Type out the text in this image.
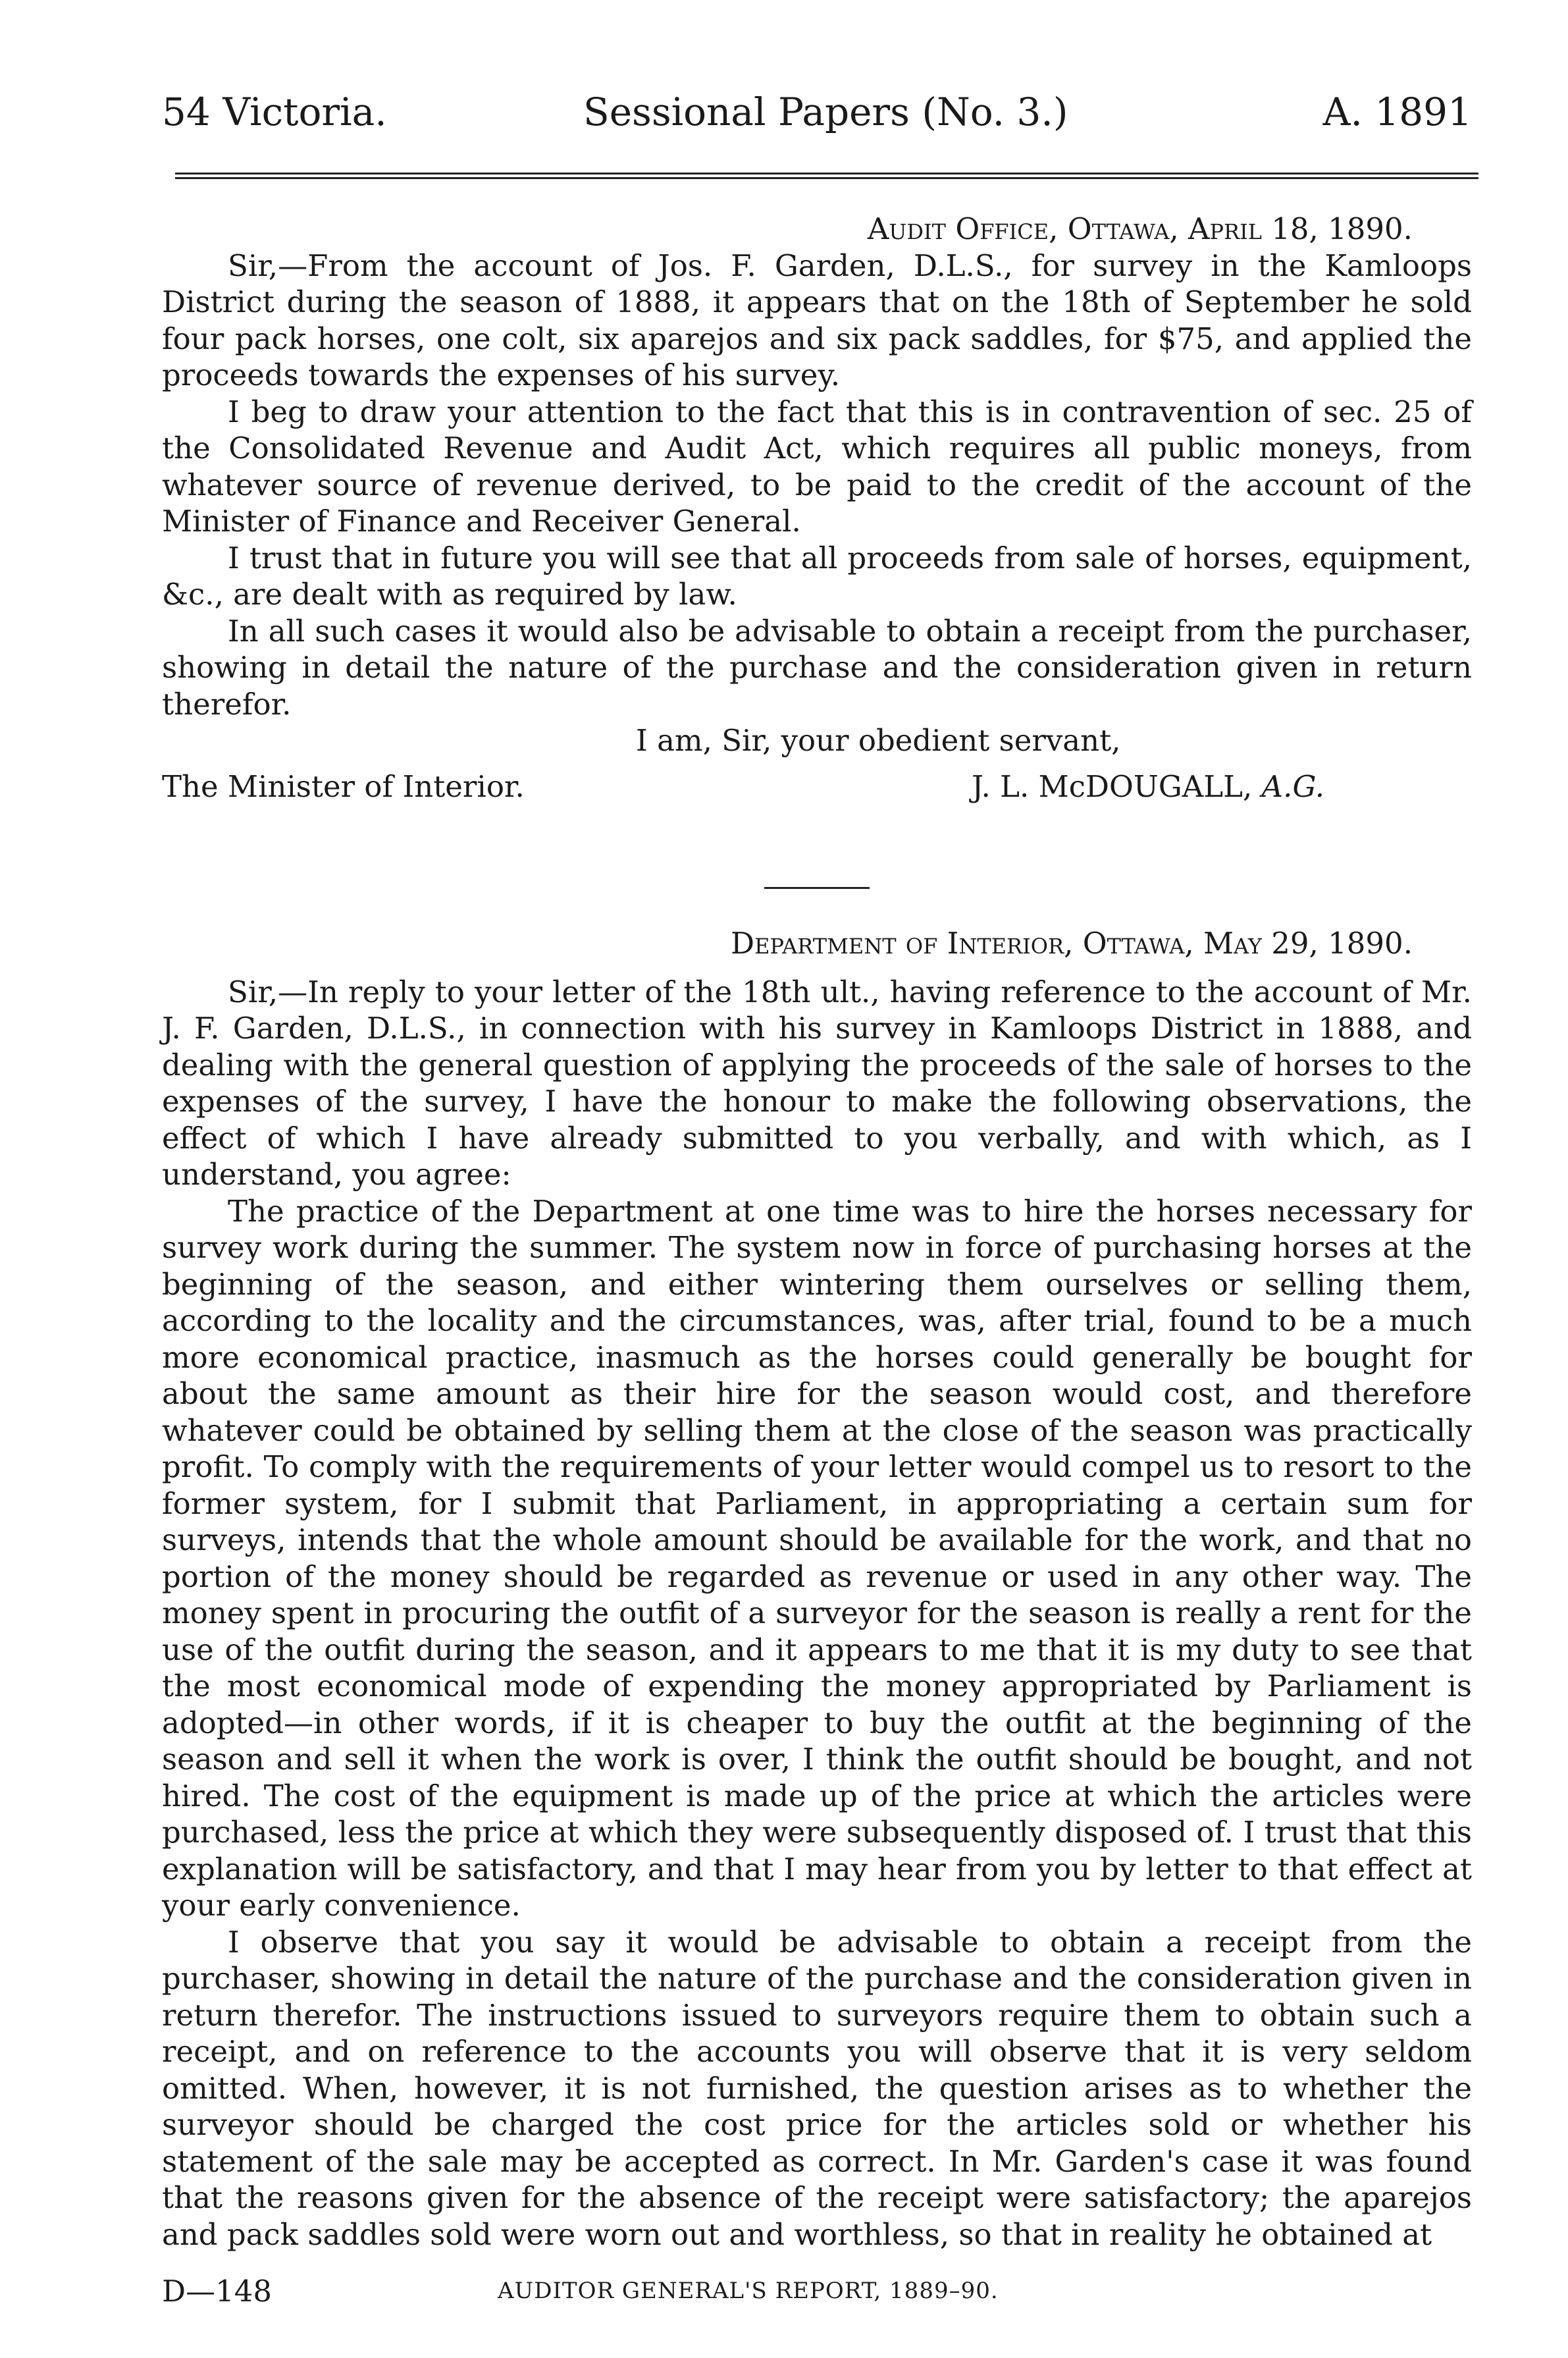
54 Victoria.	Sessional Papers (No. 3.)	A. 1891

Audit Office, Ottawa, April 18, 1890.

Sir,—From the account of Jos. F. Garden, D.L.S., for survey in the Kamloops District during the season of 1888, it appears that on the 18th of September he sold four pack horses, one colt, six aparejos and six pack saddles, for $75, and applied the proceeds towards the expenses of his survey.

I beg to draw your attention to the fact that this is in contravention of sec. 25 of the Consolidated Revenue and Audit Act, which requires all public moneys, from whatever source of revenue derived, to be paid to the credit of the account of the Minister of Finance and Receiver General.

I trust that in future you will see that all proceeds from sale of horses, equipment, &c., are dealt with as required by law.

In all such cases it would also be advisable to obtain a receipt from the purchaser, showing in detail the nature of the purchase and the consideration given in return therefor.

I am, Sir, your obedient servant,
The Minister of Interior.	J. L. McDOUGALL, A.G.

Department of Interior, Ottawa, May 29, 1890.

Sir,—In reply to your letter of the 18th ult., having reference to the account of Mr. J. F. Garden, D.L.S., in connection with his survey in Kamloops District in 1888, and dealing with the general question of applying the proceeds of the sale of horses to the expenses of the survey, I have the honour to make the following observations, the effect of which I have already submitted to you verbally, and with which, as I understand, you agree:

The practice of the Department at one time was to hire the horses necessary for survey work during the summer. The system now in force of purchasing horses at the beginning of the season, and either wintering them ourselves or selling them, according to the locality and the circumstances, was, after trial, found to be a much more economical practice, inasmuch as the horses could generally be bought for about the same amount as their hire for the season would cost, and therefore whatever could be obtained by selling them at the close of the season was practically profit. To comply with the requirements of your letter would compel us to resort to the former system, for I submit that Parliament, in appropriating a certain sum for surveys, intends that the whole amount should be available for the work, and that no portion of the money should be regarded as revenue or used in any other way. The money spent in procuring the outfit of a surveyor for the season is really a rent for the use of the outfit during the season, and it appears to me that it is my duty to see that the most economical mode of expending the money appropriated by Parliament is adopted—in other words, if it is cheaper to buy the outfit at the beginning of the season and sell it when the work is over, I think the outfit should be bought, and not hired. The cost of the equipment is made up of the price at which the articles were purchased, less the price at which they were subsequently disposed of. I trust that this explanation will be satisfactory, and that I may hear from you by letter to that effect at your early convenience.

I observe that you say it would be advisable to obtain a receipt from the purchaser, showing in detail the nature of the purchase and the consideration given in return therefor. The instructions issued to surveyors require them to obtain such a receipt, and on reference to the accounts you will observe that it is very seldom omitted. When, however, it is not furnished, the question arises as to whether the surveyor should be charged the cost price for the articles sold or whether his statement of the sale may be accepted as correct. In Mr. Garden's case it was found that the reasons given for the absence of the receipt were satisfactory; the aparejos and pack saddles sold were worn out and worthless, so that in reality he obtained at

D—148	AUDITOR GENERAL'S REPORT, 1889–90.
